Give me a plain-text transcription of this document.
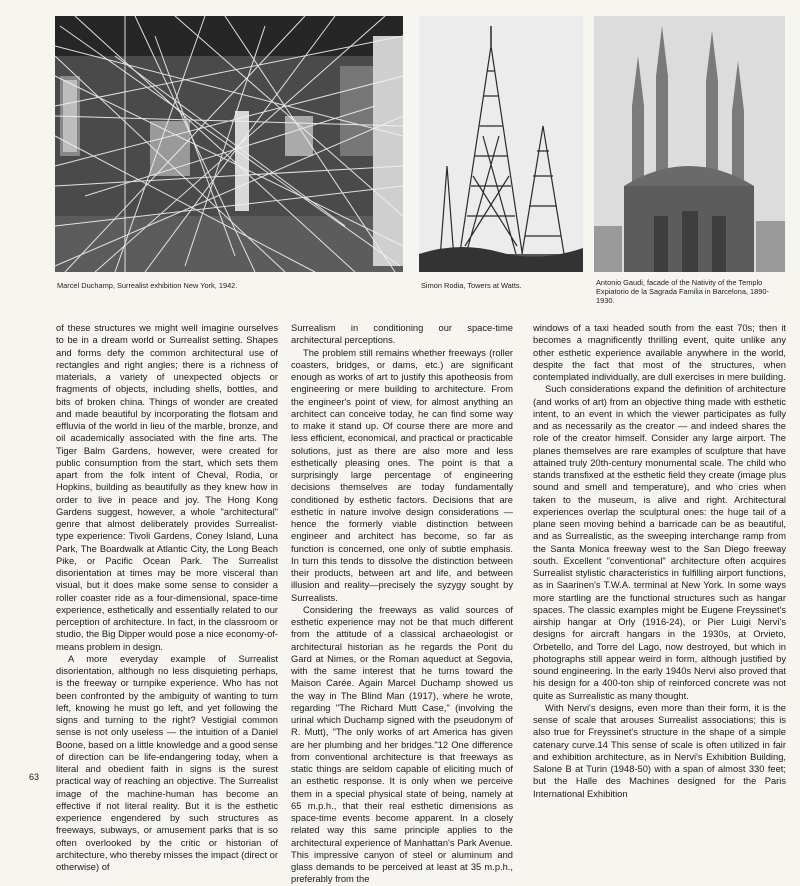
Marcel Duchamp, Surrealist exhibition New York, 1942.	Simon Rodia, Towers at Watts.	Antonio Gaudi, facade of the Nativity of the Templo Expiatorio de la Sagrada Familia in Barcelona, 1890-1930.

of these structures we might well imagine ourselves to be in a dream world or Surrealist setting. Shapes and forms defy the common architectural use of rectangles and right angles; there is a richness of materials, a variety of unexpected objects or fragments of objects, including shells, bottles, and bits of broken china. Things of wonder are created and made beautiful by incorporating the flotsam and effluvia of the world in lieu of the marble, bronze, and oil academically associated with the fine arts. The Tiger Balm Gardens, however, were created for public consumption from the start, which sets them apart from the folk intent of Cheval, Rodia, or Hopkins, building as beautifully as they knew how in order to live in peace and joy. The Hong Kong Gardens suggest, however, a whole "architectural" genre that almost deliberately provides Surrealist-type experience: Tivoli Gardens, Coney Island, Luna Park, The Boardwalk at Atlantic City, the Long Beach Pike, or Pacific Ocean Park. The Surrealist disorientation at times may be more visceral than visual, but it does make some sense to consider a roller coaster ride as a four-dimensional, space-time experience, esthetically and essentially related to our perception of architecture. In fact, in the classroom or studio, the Big Dipper would pose a nice economy-of-means problem in design.

A more everyday example of Surrealist disorientation, although no less disquieting perhaps, is the freeway or turnpike experience. Who has not been confronted by the ambiguity of wanting to turn left, knowing he must go left, and yet following the signs and turning to the right? Vestigial common sense is not only useless — the intuition of a Daniel Boone, based on a little knowledge and a good sense of direction can be life-endangering today, when a literal and obedient faith in signs is the surest practical way of reaching an objective. The Surrealist image of the machine-human has become an effective if not literal reality. But it is the esthetic experience engendered by such structures as freeways, subways, or amusement parks that is so often overlooked by the critic or historian of architecture, who thereby misses the impact (direct or otherwise) of

Surrealism in conditioning our space-time architectural perceptions.

The problem still remains whether freeways (roller coasters, bridges, or dams, etc.) are significant enough as works of art to justify this apotheosis from engineering or mere building to architecture. From the engineer's point of view, for almost anything an architect can conceive today, he can find some way to make it stand up. Of course there are more and less efficient, economical, and practical or practicable solutions, just as there are also more and less esthetically pleasing ones. The point is that a surprisingly large percentage of engineering decisions themselves are today fundamentally conditioned by esthetic factors. Decisions that are esthetic in nature involve design considerations — hence the formerly viable distinction between engineer and architect has become, so far as function is concerned, one only of subtle emphasis. In turn this tends to dissolve the distinction between their products, between art and life, and between illusion and reality—precisely the syzygy sought by Surrealists.

Considering the freeways as valid sources of esthetic experience may not be that much different from the attitude of a classical archaeologist or architectural historian as he regards the Pont du Gard at Nimes, or the Roman aqueduct at Segovia, with the same interest that he turns toward the Maison Carée. Again Marcel Duchamp showed us the way in The Blind Man (1917), where he wrote, regarding "The Richard Mutt Case," (involving the urinal which Duchamp signed with the pseudonym of R. Mutt), "The only works of art America has given are her plumbing and her bridges."12 One difference from conventional architecture is that freeways as static things are seldom capable of eliciting much of an esthetic response. It is only when we perceive them in a special physical state of being, namely at 65 m.p.h., that their real esthetic dimensions as space-time events become apparent. In a closely related way this same principle applies to the architectural experience of Manhattan's Park Avenue. This impressive canyon of steel or aluminum and glass demands to be perceived at least at 35 m.p.h., preferably from the

windows of a taxi headed south from the east 70s; then it becomes a magnificently thrilling event, quite unlike any other esthetic experience available anywhere in the world, despite the fact that most of the structures, when contemplated individually, are dull exercises in mere building.

Such considerations expand the definition of architecture (and works of art) from an objective thing made with esthetic intent, to an event in which the viewer participates as fully and as necessarily as the creator — and indeed shares the role of the creator himself. Consider any large airport. The planes themselves are rare examples of sculpture that have attained truly 20th-century monumental scale. The child who stands transfixed at the esthetic field they create (image plus sound and smell and temperature), and who cries when taken to the museum, is alive and right. Architectural experiences overlap the sculptural ones: the huge tail of a plane seen moving behind a barricade can be as beautiful, and as Surrealistic, as the sweeping interchange ramp from the Santa Monica freeway west to the San Diego freeway south. Excellent "conventional" architecture often acquires Surrealist stylistic characteristics in fulfilling airport functions, as in Saarinen's T.W.A. terminal at New York. In some ways more startling are the functional structures such as hangar spaces. The classic examples might be Eugene Freyssinet's airship hangar at Orly (1916-24), or Pier Luigi Nervi's designs for aircraft hangars in the 1930s, at Orvieto, Orbetello, and Torre del Lago, now destroyed, but which in photographs still appear weird in form, although justified by sound engineering. In the early 1940s Nervi also proved that his design for a 400-ton ship of reinforced concrete was not quite as Surrealistic as many thought.

With Nervi's designs, even more than their form, it is the sense of scale that arouses Surrealist associations; this is also true for Freyssinet's structure in the shape of a simple catenary curve.14 This sense of scale is often utilized in fair and exhibition architecture, as in Nervi's Exhibition Building, Salone B at Turin (1948-50) with a span of almost 330 feet; but the Halle des Machines designed for the Paris International Exhibition

63
